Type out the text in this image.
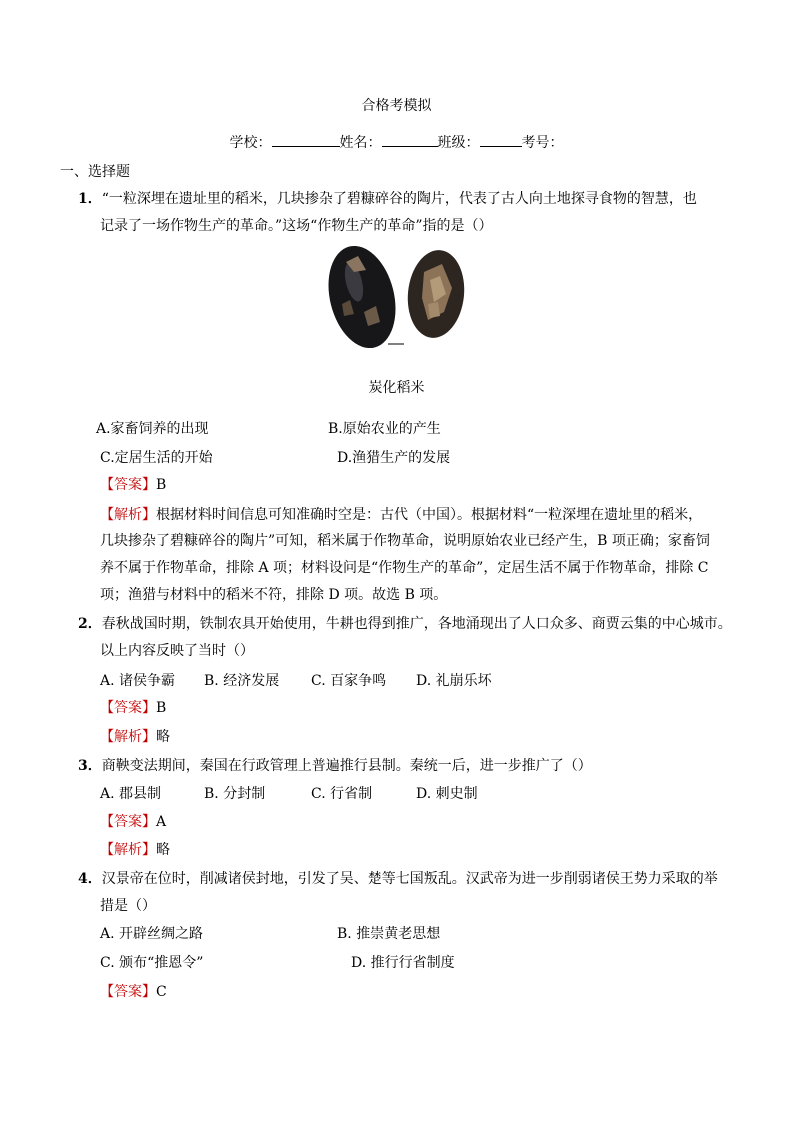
合格考模拟
学校：	姓名：	班级：	考号：
一、选择题
1．“一粒深埋在遗址里的稻米，几块掺杂了碧糠碎谷的陶片，代表了古人向土地探寻食物的智慧，也
记录了一场作物生产的革命。”这场“作物生产的革命”指的是（）
炭化稻米
A.家畜饲养的出现	B.原始农业的产生
C.定居生活的开始	D.渔猎生产的发展
【答案】B
【解析】根据材料时间信息可知准确时空是：古代（中国）。根据材料“一粒深埋在遗址里的稻米，
几块掺杂了碧糠碎谷的陶片”可知，稻米属于作物革命，说明原始农业已经产生，B 项正确；家畜饲
养不属于作物革命，排除 A 项；材料设问是“作物生产的革命”，定居生活不属于作物革命，排除 C
项；渔猎与材料中的稻米不符，排除 D 项。故选 B 项。
2．春秋战国时期，铁制农具开始使用，牛耕也得到推广，各地涌现出了人口众多、商贾云集的中心城市。
以上内容反映了当时（）
A. 诸侯争霸 B. 经济发展 C. 百家争鸣 D. 礼崩乐坏
【答案】B
【解析】略
3．商鞅变法期间，秦国在行政管理上普遍推行县制。秦统一后，进一步推广了（）
A. 郡县制	B. 分封制	C. 行省制	D. 刺史制
【答案】A
【解析】略
4．汉景帝在位时，削减诸侯封地，引发了吴、楚等七国叛乱。汉武帝为进一步削弱诸侯王势力采取的举
措是（）
A. 开辟丝绸之路	B. 推崇黄老思想
C. 颁布“推恩令”	D. 推行行省制度
【答案】C
